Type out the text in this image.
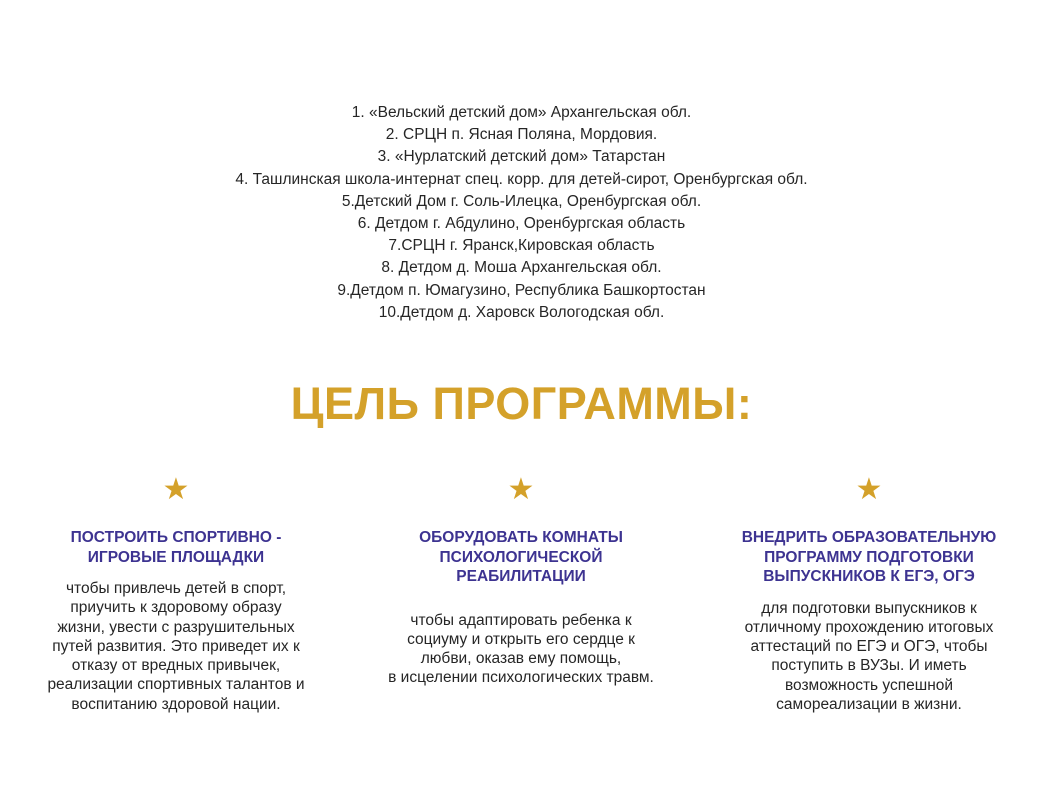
1. «Вельский детский дом» Архангельская обл.
2. СРЦН п. Ясная Поляна, Мордовия.
3. «Нурлатский детский дом» Татарстан
4. Ташлинская школа-интернат спец. корр. для детей-сирот, Оренбургская обл.
5.Детский Дом г. Соль-Илецка, Оренбургская обл.
6. Детдом г. Абдулино, Оренбургская область
7.СРЦН г. Яранск,Кировская область
8. Детдом д. Моша Архангельская обл.
9.Детдом п. Юмагузино, Республика Башкортостан
10.Детдом д. Харовск Вологодская обл.
ЦЕЛЬ ПРОГРАММЫ:
★
ПОСТРОИТЬ СПОРТИВНО -
ИГРОВЫЕ ПЛОЩАДКИ
чтобы привлечь детей в спорт,
приучить к здоровому образу
жизни, увести с разрушительных
путей развития. Это приведет их к
отказу от вредных привычек,
реализации спортивных талантов и
воспитанию здоровой нации.
★
ОБОРУДОВАТЬ КОМНАТЫ
ПСИХОЛОГИЧЕСКОЙ
РЕАБИЛИТАЦИИ
чтобы адаптировать ребенка к
социуму и открыть его сердце к
любви, оказав ему помощь,
в исцелении психологических травм.
★
ВНЕДРИТЬ ОБРАЗОВАТЕЛЬНУЮ
ПРОГРАММУ ПОДГОТОВКИ
ВЫПУСКНИКОВ К ЕГЭ, ОГЭ
для подготовки выпускников к
отличному прохождению итоговых
аттестаций по ЕГЭ и ОГЭ, чтобы
поступить в ВУЗы. И иметь
возможность успешной
самореализации в жизни.
